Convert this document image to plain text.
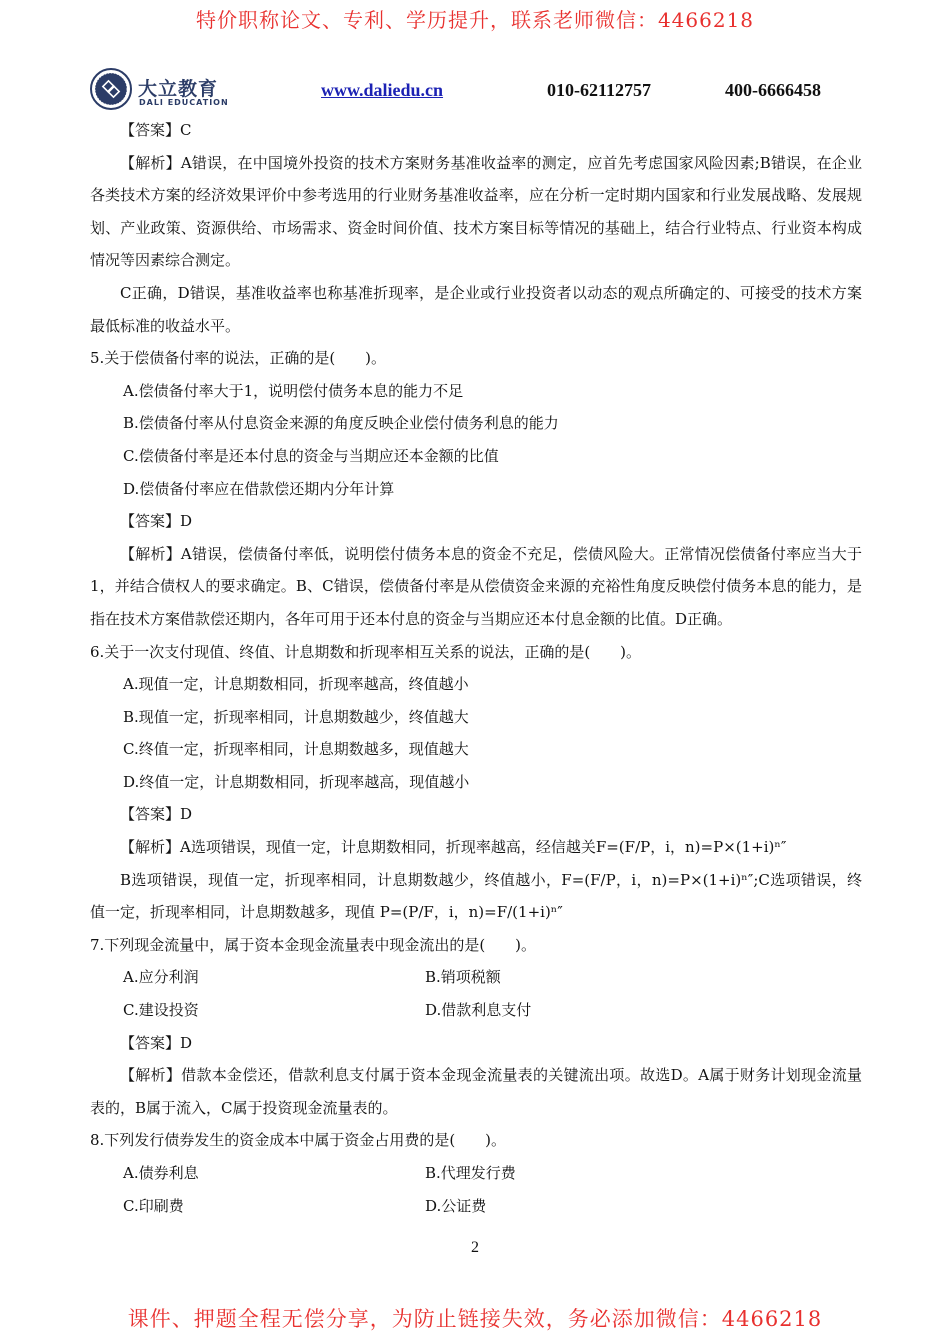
特价职称论文、专利、学历提升，联系老师微信：4466218
大立教育
DALI EDUCATION
www.daliedu.cn	010-62112757	400-6666458

【答案】C

【解析】A错误，在中国境外投资的技术方案财务基准收益率的测定，应首先考虑国家风险因素;B错误，在企业各类技术方案的经济效果评价中参考选用的行业财务基准收益率，应在分析一定时期内国家和行业发展战略、发展规划、产业政策、资源供给、市场需求、资金时间价值、技术方案目标等情况的基础上，结合行业特点、行业资本构成情况等因素综合测定。

C正确，D错误，基准收益率也称基准折现率，是企业或行业投资者以动态的观点所确定的、可接受的技术方案最低标准的收益水平。

5.关于偿债备付率的说法，正确的是(　　)。

A.偿债备付率大于1，说明偿付债务本息的能力不足

B.偿债备付率从付息资金来源的角度反映企业偿付债务利息的能力

C.偿债备付率是还本付息的资金与当期应还本金额的比值

D.偿债备付率应在借款偿还期内分年计算

【答案】D

【解析】A错误，偿债备付率低，说明偿付债务本息的资金不充足，偿债风险大。正常情况偿债备付率应当大于1，并结合债权人的要求确定。B、C错误，偿债备付率是从偿债资金来源的充裕性角度反映偿付债务本息的能力，是指在技术方案借款偿还期内，各年可用于还本付息的资金与当期应还本付息金额的比值。D正确。

6.关于一次支付现值、终值、计息期数和折现率相互关系的说法，正确的是(　　)。

A.现值一定，计息期数相同，折现率越高，终值越小

B.现值一定，折现率相同，计息期数越少，终值越大

C.终值一定，折现率相同，计息期数越多，现值越大

D.终值一定，计息期数相同，折现率越高，现值越小

【答案】D

【解析】A选项错误，现值一定，计息期数相同，折现率越高，经信越关F=(F/P，i，n)=P×(1+i)ⁿ″

B选项错误，现值一定，折现率相同，计息期数越少，终值越小，F=(F/P，i，n)=P×(1+i)ⁿ″;C选项错误，终值一定，折现率相同，计息期数越多，现值 P=(P/F，i，n)=F/(1+i)ⁿ″

7.下列现金流量中，属于资本金现金流量表中现金流出的是(　　)。

A.应分利润	B.销项税额
C.建设投资	D.借款利息支付

【答案】D

【解析】借款本金偿还，借款利息支付属于资本金现金流量表的关键流出项。故选D。A属于财务计划现金流量表的，B属于流入，C属于投资现金流量表的。

8.下列发行债券发生的资金成本中属于资金占用费的是(　　)。

A.债券利息	B.代理发行费
C.印刷费	D.公证费
2
课件、押题全程无偿分享，为防止链接失效，务必添加微信：4466218
